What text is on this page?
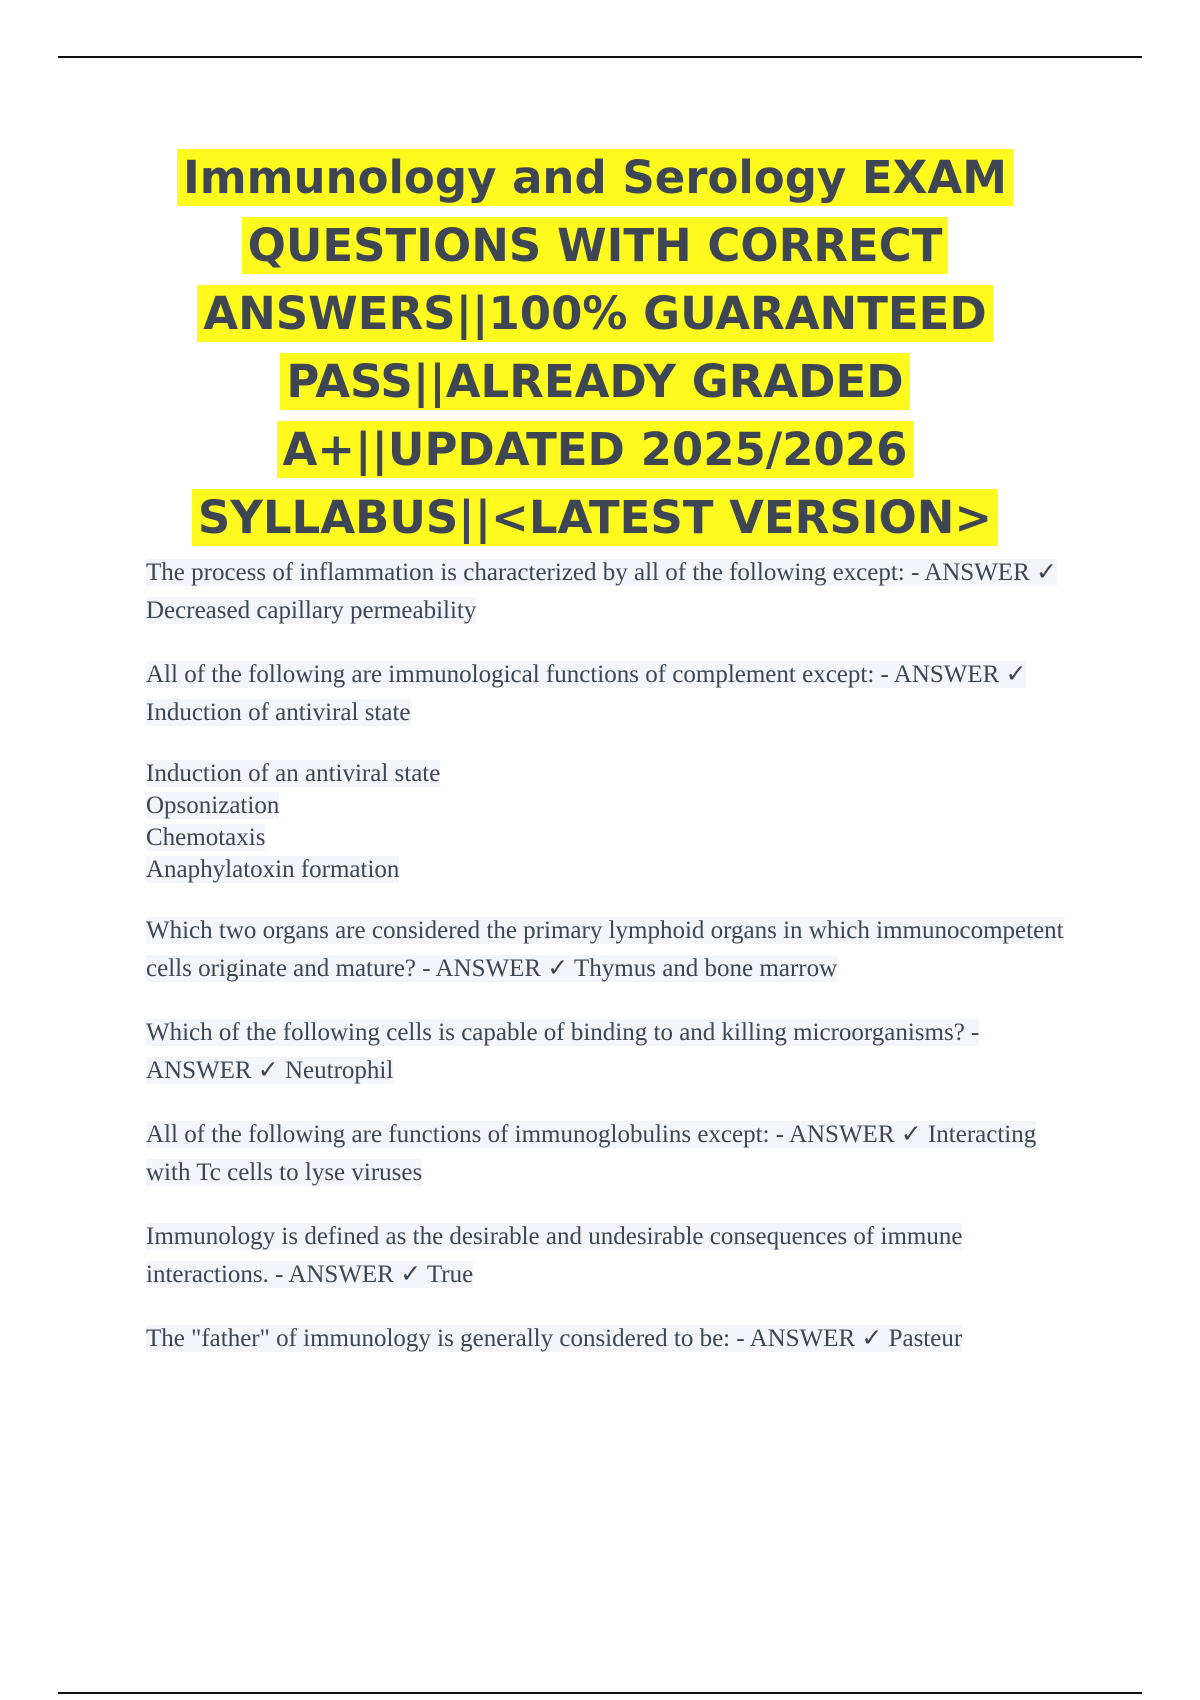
Immunology and Serology EXAM QUESTIONS WITH CORRECT ANSWERS||100% GUARANTEED PASS||ALREADY GRADED A+||UPDATED 2025/2026 SYLLABUS||<LATEST VERSION>

The process of inflammation is characterized by all of the following except: - ANSWER ✓ Decreased capillary permeability

All of the following are immunological functions of complement except: - ANSWER ✓ Induction of antiviral state

Induction of an antiviral state
Opsonization
Chemotaxis
Anaphylatoxin formation

Which two organs are considered the primary lymphoid organs in which immunocompetent cells originate and mature? - ANSWER ✓ Thymus and bone marrow

Which of the following cells is capable of binding to and killing microorganisms? - ANSWER ✓ Neutrophil

All of the following are functions of immunoglobulins except: - ANSWER ✓ Interacting with Tc cells to lyse viruses

Immunology is defined as the desirable and undesirable consequences of immune interactions. - ANSWER ✓ True

The "father" of immunology is generally considered to be: - ANSWER ✓ Pasteur
